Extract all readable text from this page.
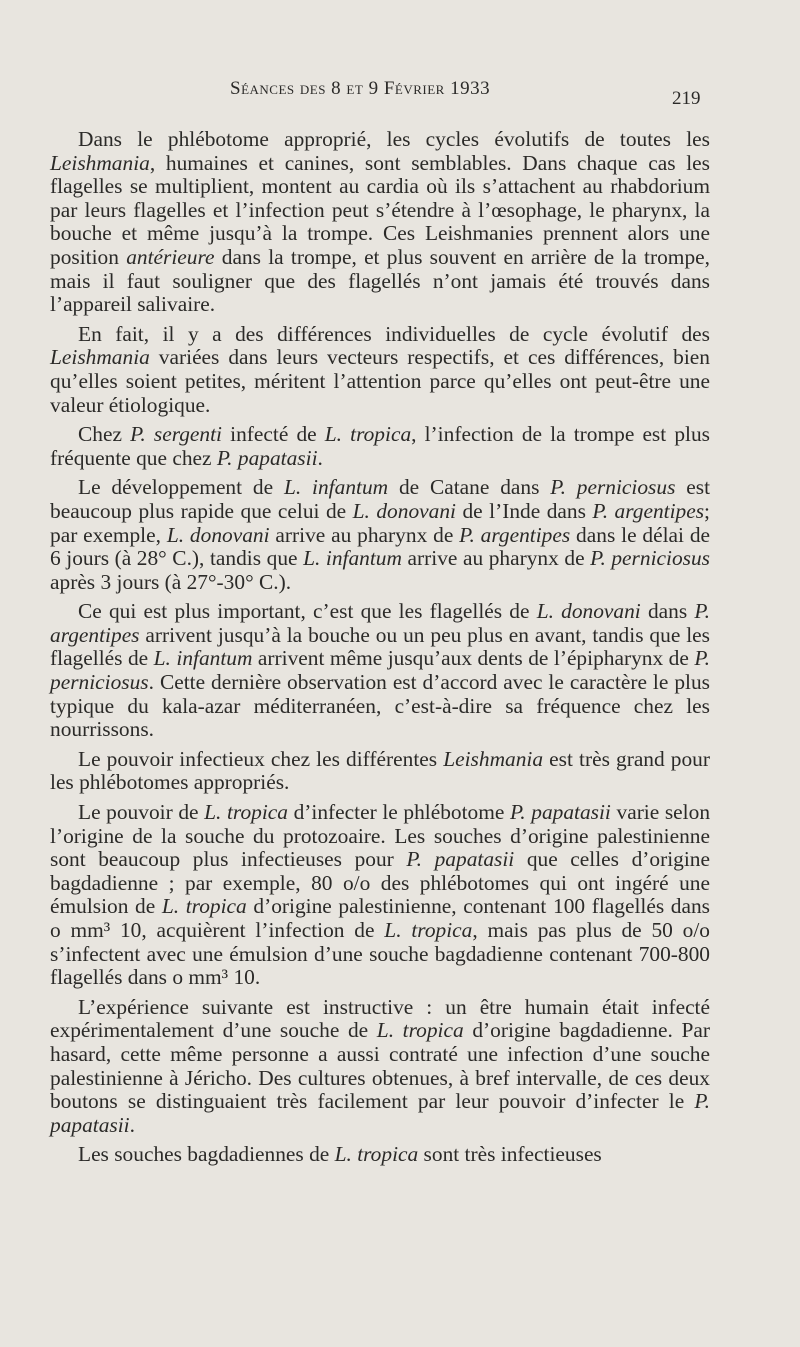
Séances des 8 et 9 Février 1933	219

Dans le phlébotome approprié, les cycles évolutifs de toutes les Leishmania, humaines et canines, sont semblables. Dans chaque cas les flagelles se multiplient, montent au cardia où ils s’attachent au rhabdorium par leurs flagelles et l’infection peut s’étendre à l’œsophage, le pharynx, la bouche et même jusqu’à la trompe. Ces Leishmanies prennent alors une position antérieure dans la trompe, et plus souvent en arrière de la trompe, mais il faut souligner que des flagellés n’ont jamais été trouvés dans l’appareil salivaire.

En fait, il y a des différences individuelles de cycle évolutif des Leishmania variées dans leurs vecteurs respectifs, et ces différences, bien qu’elles soient petites, méritent l’attention parce qu’elles ont peut-être une valeur étiologique.

Chez P. sergenti infecté de L. tropica, l’infection de la trompe est plus fréquente que chez P. papatasii.

Le développement de L. infantum de Catane dans P. perniciosus est beaucoup plus rapide que celui de L. donovani de l’Inde dans P. argentipes; par exemple, L. donovani arrive au pharynx de P. argentipes dans le délai de 6 jours (à 28° C.), tandis que L. infantum arrive au pharynx de P. perniciosus après 3 jours (à 27°-30° C.).

Ce qui est plus important, c’est que les flagellés de L. donovani dans P. argentipes arrivent jusqu’à la bouche ou un peu plus en avant, tandis que les flagellés de L. infantum arrivent même jusqu’aux dents de l’épipharynx de P. perniciosus. Cette dernière observation est d’accord avec le caractère le plus typique du kala-azar méditerranéen, c’est-à-dire sa fréquence chez les nourrissons.

Le pouvoir infectieux chez les différentes Leishmania est très grand pour les phlébotomes appropriés.

Le pouvoir de L. tropica d’infecter le phlébotome P. papatasii varie selon l’origine de la souche du protozoaire. Les souches d’origine palestinienne sont beaucoup plus infectieuses pour P. papatasii que celles d’origine bagdadienne ; par exemple, 80 o/o des phlébotomes qui ont ingéré une émulsion de L. tropica d’origine palestinienne, contenant 100 flagellés dans o mm³ 10, acquièrent l’infection de L. tropica, mais pas plus de 50 o/o s’infectent avec une émulsion d’une souche bagdadienne contenant 700-800 flagellés dans o mm³ 10.

L’expérience suivante est instructive : un être humain était infecté expérimentalement d’une souche de L. tropica d’origine bagdadienne. Par hasard, cette même personne a aussi contraté une infection d’une souche palestinienne à Jéricho. Des cultures obtenues, à bref intervalle, de ces deux boutons se distinguaient très facilement par leur pouvoir d’infecter le P. papatasii.

Les souches bagdadiennes de L. tropica sont très infectieuses
